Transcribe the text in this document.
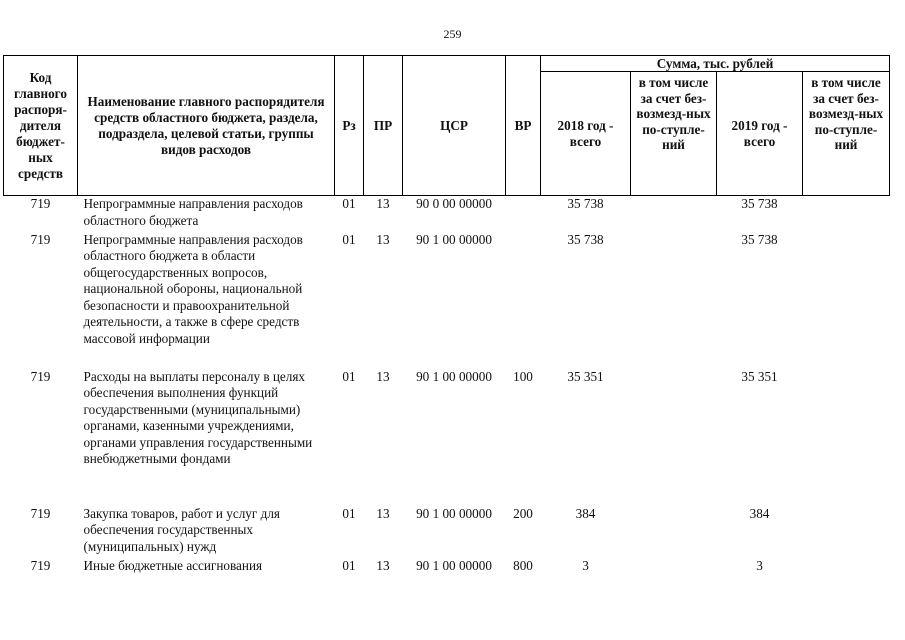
259
Код главного распоря-дителя бюджет-ных средств	Наименование главного распорядителя средств областного бюджета, раздела, подраздела, целевой статьи, группы видов расходов	Рз	ПР	ЦСР	ВР	Сумма, тыс. рублей			
						2018 год - всего	в том числе за счет без-возмезд-ных по-ступле-ний	2019 год - всего	в том числе за счет без-возмезд-ных по-ступле-ний
719	Непрограммные направления расходов областного бюджета	01	13	90 0 00 00000		35 738		35 738	
719	Непрограммные направления расходов областного бюджета в области общегосударственных вопросов, национальной обороны, национальной безопасности и правоохранительной деятельности, а также в сфере средств массовой информации	01	13	90 1 00 00000		35 738		35 738	
719	Расходы на выплаты персоналу в целях обеспечения выполнения функций государственными (муниципальными) органами, казенными учреждениями, органами управления государственными внебюджетными фондами	01	13	90 1 00 00000	100	35 351		35 351	
719	Закупка товаров, работ и услуг для обеспечения государственных (муниципальных) нужд	01	13	90 1 00 00000	200	384		384	
719	Иные бюджетные ассигнования	01	13	90 1 00 00000	800	3		3	
